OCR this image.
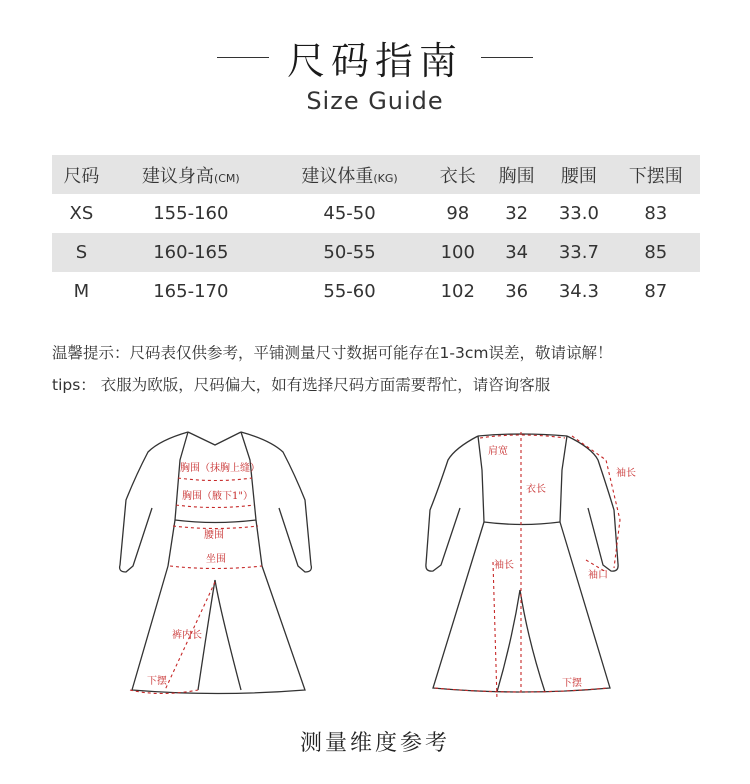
尺码指南
Size Guide
尺码	建议身高(CM)	建议体重(KG)	衣长	胸围	腰围	下摆围
XS	155-160	45-50	98	32	33.0	83
S	160-165	50-55	100	34	33.7	85
M	165-170	55-60	102	36	34.3	87
温馨提示：尺码表仅供参考，平铺测量尺寸数据可能存在1-3cm误差，敬请谅解！
tips： 衣服为欧版，尺码偏大，如有选择尺码方面需要帮忙，请咨询客服
胸围（抹胸上缝）
胸围（腋下1"）
腰围
坐围
裤内长
下摆
肩宽
衣长
袖长
袖口
袖长
下摆
测量维度参考
